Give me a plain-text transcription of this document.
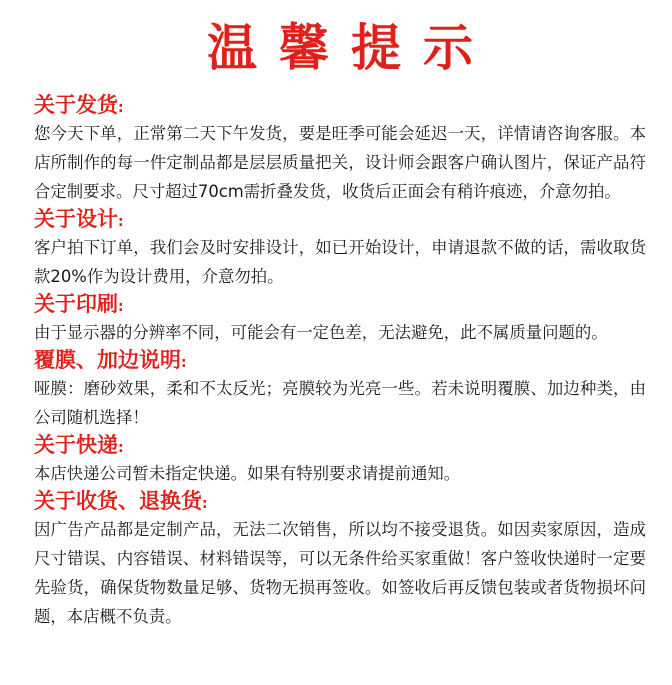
温馨提示
关于发货:
您今天下单，正常第二天下午发货，要是旺季可能会延迟一天，详情请咨询客服。本店所制作的每一件定制品都是层层质量把关，设计师会跟客户确认图片，保证产品符合定制要求。尺寸超过70cm需折叠发货，收货后正面会有稍许痕迹，介意勿拍。
关于设计:
客户拍下订单，我们会及时安排设计，如已开始设计，申请退款不做的话，需收取货款20%作为设计费用，介意勿拍。
关于印刷:
由于显示器的分辨率不同，可能会有一定色差，无法避免，此不属质量问题的。
覆膜、加边说明:
哑膜：磨砂效果，柔和不太反光；亮膜较为光亮一些。若未说明覆膜、加边种类，由公司随机选择！
关于快递:
本店快递公司暂未指定快递。如果有特别要求请提前通知。
关于收货、退换货:
因广告产品都是定制产品，无法二次销售，所以均不接受退货。如因卖家原因，造成尺寸错误、内容错误、材料错误等，可以无条件给买家重做！客户签收快递时一定要先验货，确保货物数量足够、货物无损再签收。如签收后再反馈包装或者货物损坏问题，本店概不负责。
